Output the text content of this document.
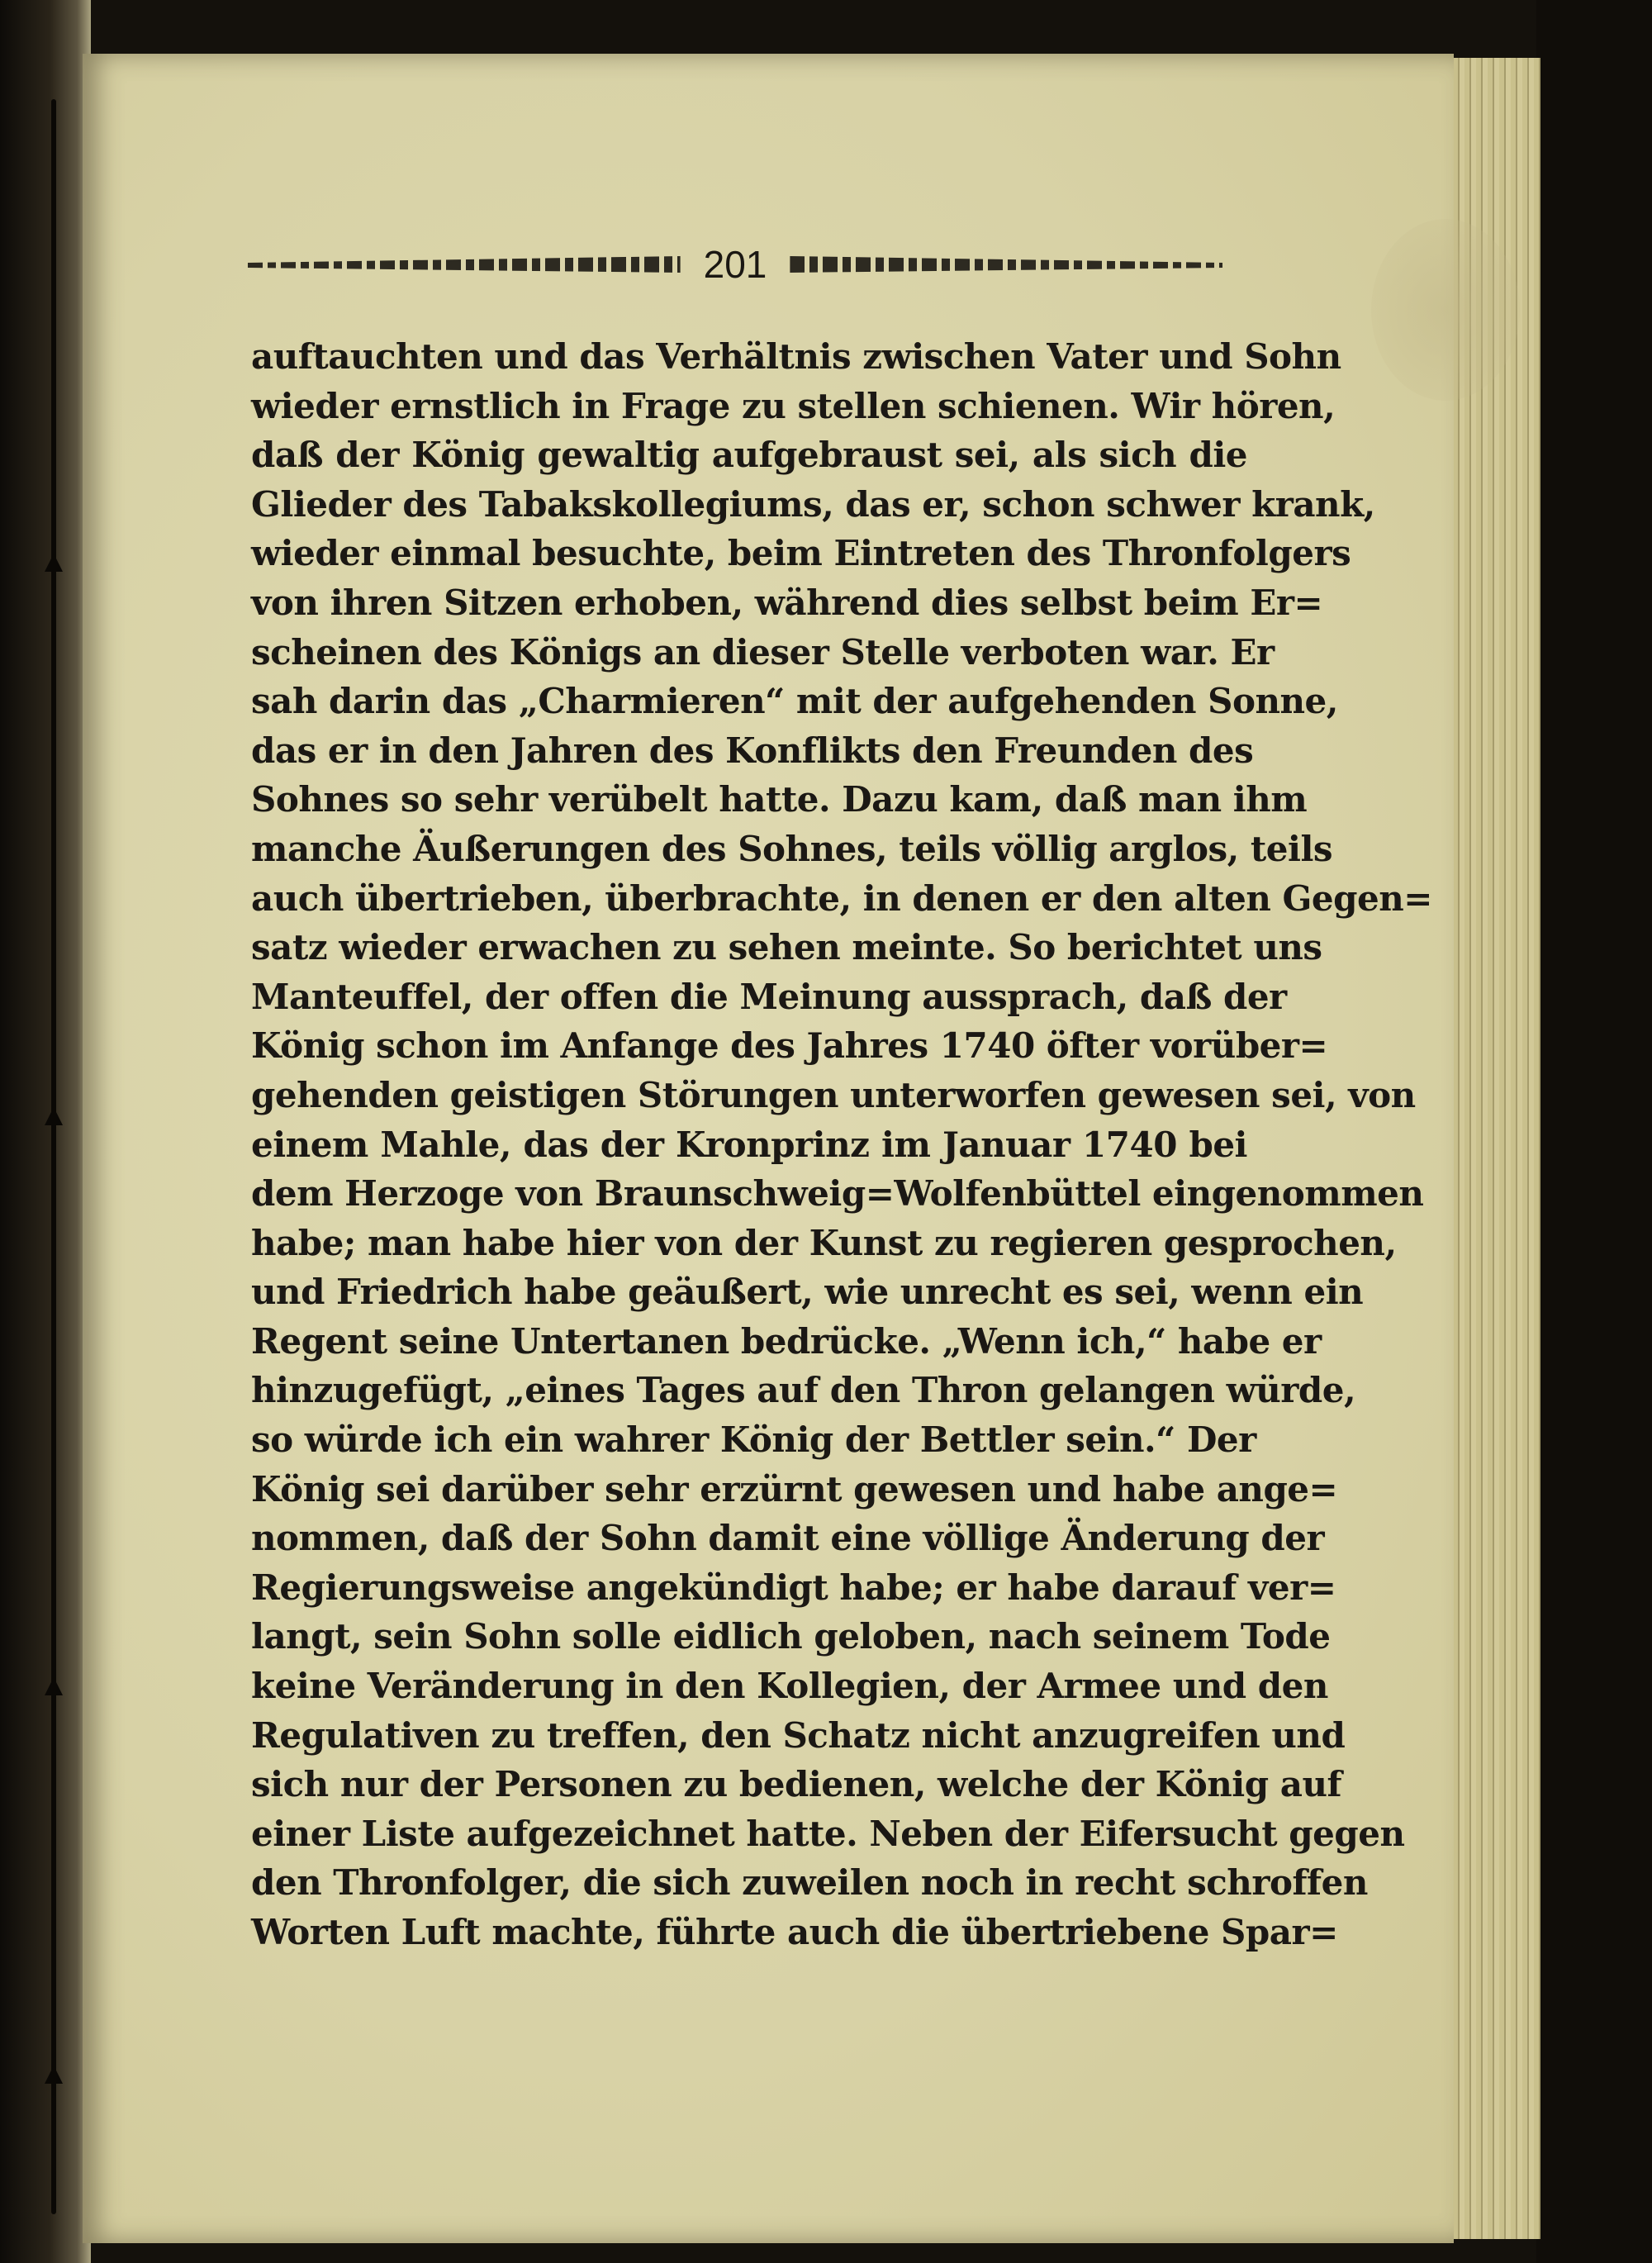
201
auftauchten und das Verhältnis zwischen Vater und Sohn
wieder ernstlich in Frage zu stellen schienen. Wir hören,
daß der König gewaltig aufgebraust sei, als sich die
Glieder des Tabakskollegiums, das er, schon schwer krank,
wieder einmal besuchte, beim Eintreten des Thronfolgers
von ihren Sitzen erhoben, während dies selbst beim Er=
scheinen des Königs an dieser Stelle verboten war. Er
sah darin das „Charmieren“ mit der aufgehenden Sonne,
das er in den Jahren des Konflikts den Freunden des
Sohnes so sehr verübelt hatte. Dazu kam, daß man ihm
manche Äußerungen des Sohnes, teils völlig arglos, teils
auch übertrieben, überbrachte, in denen er den alten Gegen=
satz wieder erwachen zu sehen meinte. So berichtet uns
Manteuffel, der offen die Meinung aussprach, daß der
König schon im Anfange des Jahres 1740 öfter vorüber=
gehenden geistigen Störungen unterworfen gewesen sei, von
einem Mahle, das der Kronprinz im Januar 1740 bei
dem Herzoge von Braunschweig=Wolfenbüttel eingenommen
habe; man habe hier von der Kunst zu regieren gesprochen,
und Friedrich habe geäußert, wie unrecht es sei, wenn ein
Regent seine Untertanen bedrücke. „Wenn ich,“ habe er
hinzugefügt, „eines Tages auf den Thron gelangen würde,
so würde ich ein wahrer König der Bettler sein.“ Der
König sei darüber sehr erzürnt gewesen und habe ange=
nommen, daß der Sohn damit eine völlige Änderung der
Regierungsweise angekündigt habe; er habe darauf ver=
langt, sein Sohn solle eidlich geloben, nach seinem Tode
keine Veränderung in den Kollegien, der Armee und den
Regulativen zu treffen, den Schatz nicht anzugreifen und
sich nur der Personen zu bedienen, welche der König auf
einer Liste aufgezeichnet hatte. Neben der Eifersucht gegen
den Thronfolger, die sich zuweilen noch in recht schroffen
Worten Luft machte, führte auch die übertriebene Spar=
